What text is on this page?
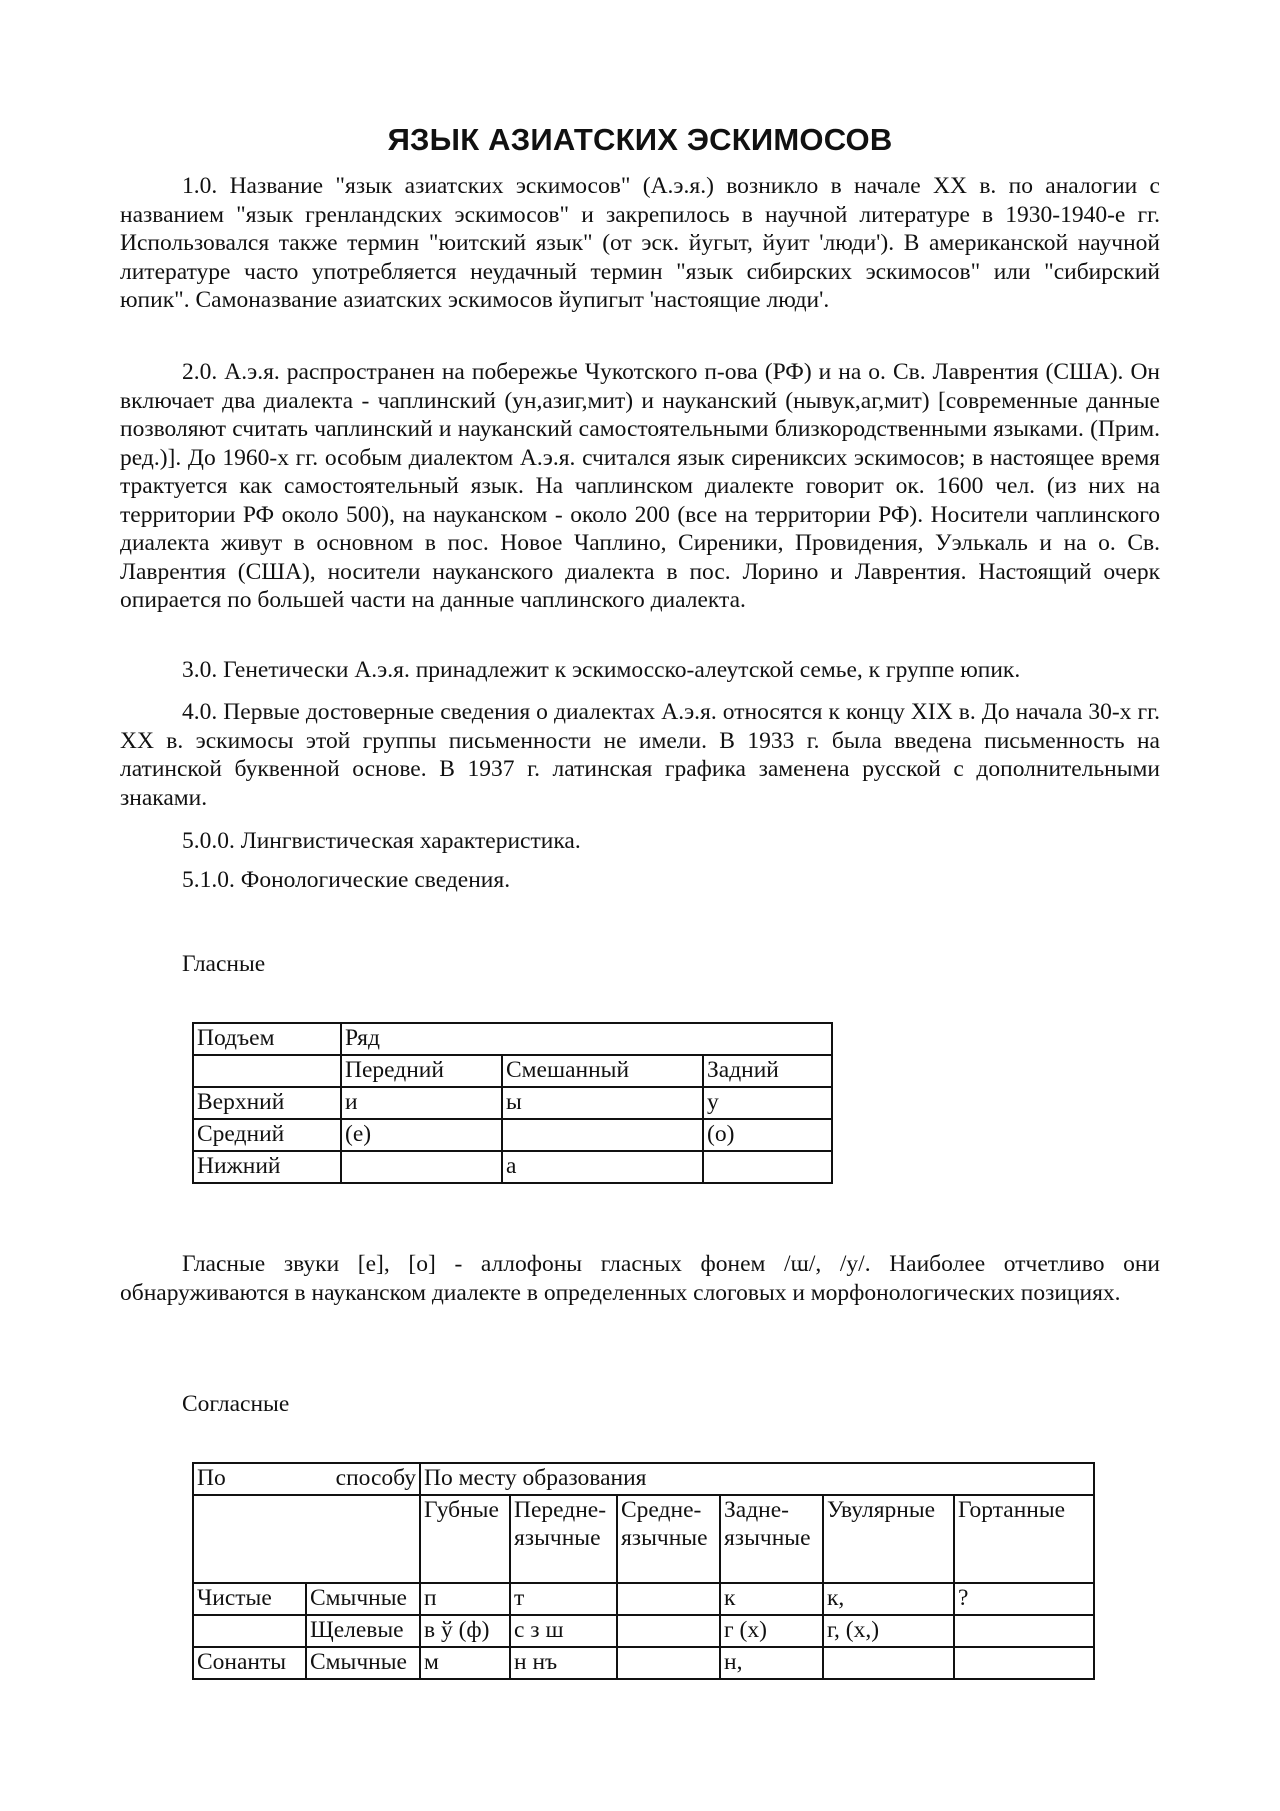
ЯЗЫК АЗИАТСКИХ ЭСКИМОСОВ

1.0. Название "язык азиатских эскимосов" (А.э.я.) возникло в начале XX в. по аналогии с названием "язык гренландских эскимосов" и закрепилось в научной литературе в 1930-1940-е гг. Использовался также термин "юитский язык" (от эск. йугыт, йуит 'люди'). В американской научной литературе часто употребляется неудачный термин "язык сибирских эскимосов" или "сибирский юпик". Самоназвание азиатских эскимосов йупигыт 'настоящие люди'.

2.0. А.э.я. распространен на побережье Чукотского п-ова (РФ) и на о. Св. Лаврентия (США). Он включает два диалекта - чаплинский (ун,азиг,мит) и науканский (нывук,аг,мит) [современные данные позволяют считать чаплинский и науканский самостоятельными близкородственными языками. (Прим. ред.)]. До 1960-х гг. особым диалектом А.э.я. считался язык сирениксих эскимосов; в настоящее время трактуется как самостоятельный язык. На чаплинском диалекте говорит ок. 1600 чел. (из них на территории РФ около 500), на науканском - около 200 (все на территории РФ). Носители чаплинского диалекта живут в основном в пос. Новое Чаплино, Сиреники, Провидения, Уэлькаль и на о. Св. Лаврентия (США), носители науканского диалекта в пос. Лорино и Лаврентия. Настоящий очерк опирается по большей части на данные чаплинского диалекта.

3.0. Генетически А.э.я. принадлежит к эскимосско-алеутской семье, к группе юпик.

4.0. Первые достоверные сведения о диалектах А.э.я. относятся к концу XIX в. До начала 30-х гг. XX в. эскимосы этой группы письменности не имели. В 1933 г. была введена письменность на латинской буквенной основе. В 1937 г. латинская графика заменена русской с дополнительными знаками.

5.0.0. Лингвистическая характеристика.

5.1.0. Фонологические сведения.

Гласные

Подъем	Ряд		
	Передний	Смешанный	Задний
Верхний	и	ы	у
Средний	(е)		(о)
Нижний		а	

Гласные звуки [е], [о] - аллофоны гласных фонем /ɯ/, /у/. Наиболее отчетливо они обнаруживаются в науканском диалекте в определенных слоговых и морфонологических позициях.

Согласные

По способу		По месту образования					
		Губные	Передне-язычные	Средне-язычные	Задне-язычные	Увулярные	Гортанные
Чистые	Смычные	п	т		к	к,	?
	Щелевые	в ў (ф)	с з ш		г (х)	г, (х,)	
Сонанты	Смычные	м	н нъ		н,		
